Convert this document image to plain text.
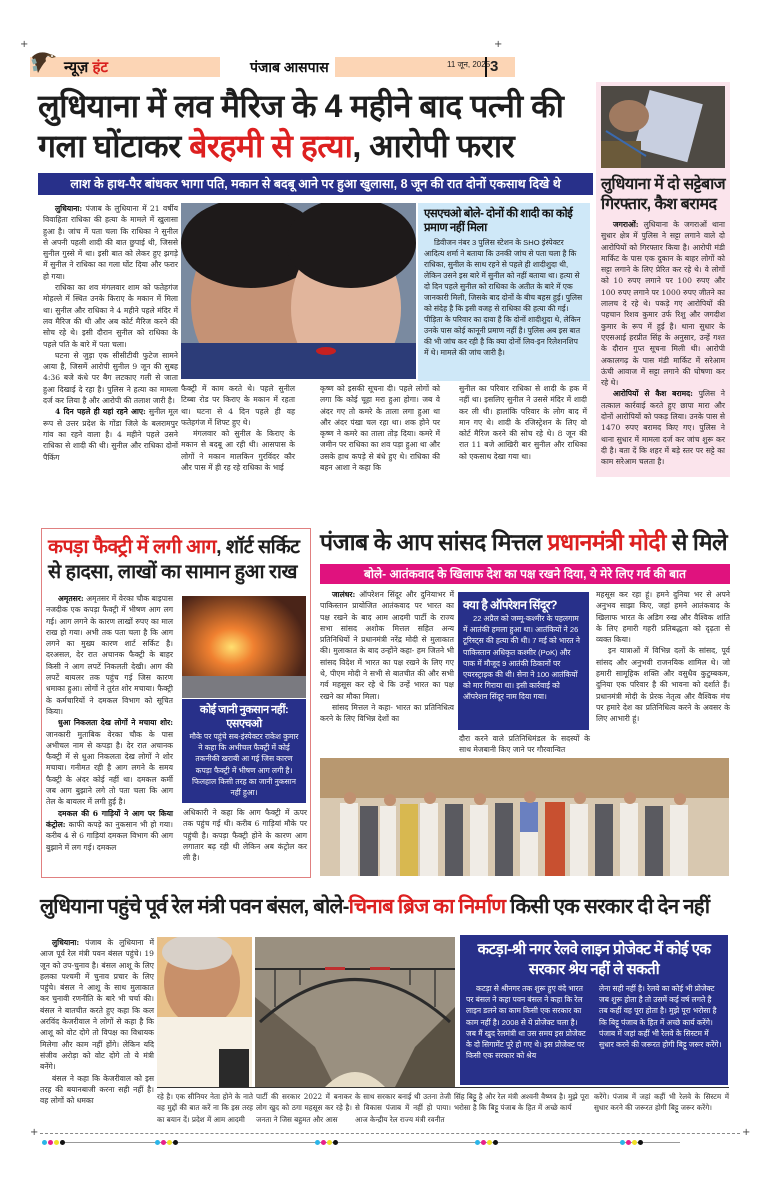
+	+
न्यूज़ हंट	पंजाब आसपास	11 जून, 2025 3
लुधियाना में लव मैरिज के 4 महीने बाद पत्नी की
गला घोंटाकर बेरहमी से हत्या, आरोपी फरार
लाश के हाथ-पैर बांधकर भागा पति, मकान से बदबू आने पर हुआ खुलासा, 8 जून की रात दोनों एकसाथ दिखे थे

लुधियाना: पंजाब के लुधियाना में 21 वर्षीय विवाहिता राधिका की हत्या के मामले में खुलासा हुआ है। जांच में पता चला कि राधिका ने सुनील से अपनी पहली शादी की बात छुपाई थी, जिससे सुनील गुस्से में था। इसी बात को लेकर हुए झगड़े में सुनील ने राधिका का गला घोंट दिया और फरार हो गया।

राधिका का शव मंगलवार शाम को फतेहगंज मोहल्ले में स्थित उनके किराए के मकान में मिला था। सुनील और राधिका ने 4 महीने पहले मंदिर में लव मैरिज की थी और अब कोर्ट मैरिज करने की सोच रहे थे। इसी दौरान सुनील को राधिका के पहले पति के बारे में पता चला।

घटना से जुड़ा एक सीसीटीवी फुटेज सामने आया है, जिसमें आरोपी सुनील 9 जून की सुबह 4:36 बजे कंधे पर बैग लटकाए गली से जाता हुआ दिखाई दे रहा है। पुलिस ने हत्या का मामला दर्ज कर लिया है और आरोपी की तलाश जारी है।

4 दिन पहले ही यहां रहने आए: सुनील मूल रूप से उत्तर प्रदेश के गोंडा जिले के बलरामपुर गांव का रहने वाला है। 4 महीने पहले उसने राधिका से शादी की थी। सुनील और राधिका दोनों पैकिंग

एसएचओ बोले- दोनों की शादी का कोई प्रमाण नहीं मिला
डिवीजन नंबर 3 पुलिस स्टेशन के SHO इंस्पेक्टर आदित्य शर्मा ने बताया कि उनकी जांच से पता चला है कि राधिका, सुनील के साथ रहने से पहले ही शादीशुदा थी, लेकिन उसने इस बारे में सुनील को नहीं बताया था। हत्या से दो दिन पहले सुनील को राधिका के अतीत के बारे में एक जानकारी मिली, जिसके बाद दोनों के बीच बहस हुई। पुलिस को संदेह है कि इसी वजह से राधिका की हत्या की गई।पीड़िता के परिवार का दावा है कि दोनों शादीशुदा थे, लेकिन उनके पास कोई कानूनी प्रमाण नहीं है। पुलिस अब इस बात की भी जांच कर रही है कि क्या दोनों लिव-इन रिलेशनशिप में थे। मामले की जांच जारी है।

फैक्ट्री में काम करते थे। पहले सुनील टिब्बा रोड पर किराए के मकान में रहता था। घटना से 4 दिन पहले ही वह फतेहगंज में शिफ्ट हुए थे।

मंगलवार को सुनील के किराए के मकान से बदबू आ रही थी। आसपास के लोगों ने मकान मालकिन गुरविंदर कौर और पास में ही रह रहे राधिका के भाई

कृष्ण को इसकी सूचना दी। पहले लोगों को लगा कि कोई चूहा मरा हुआ होगा। जब वे अंदर गए तो कमरे के ताला लगा हुआ था और अंदर पंखा चल रहा था। शक होने पर कृष्ण ने कमरे का ताला तोड़ दिया। कमरे में जमीन पर राधिका का शव पड़ा हुआ था और उसके हाथ कपड़े से बंधे हुए थे। राधिका की बहन आशा ने कहा कि
सुनील का परिवार राधिका से शादी के हक में नहीं था। इसलिए सुनील ने उससे मंदिर में शादी कर ली थी। हालांकि परिवार के लोग बाद में मान गए थे। शादी के रजिस्ट्रेशन के लिए वो कोर्ट मैरिज करने की सोच रहे थे। 8 जून की रात 11 बजे आखिरी बार सुनील और राधिका को एकसाथ देखा गया था।
लुधियाना में दो सट्टेबाज गिरफ्तार, कैश बरामद

जगराओं: लुधियाना के जगराओं थाना सुधार क्षेत्र में पुलिस ने सट्टा लगाने वाले दो आरोपियों को गिरफ्तार किया है। आरोपी मंडी मार्किट के पास एक दुकान के बाहर लोगों को सट्टा लगाने के लिए प्रेरित कर रहे थे। वे लोगों को 10 रुपए लगाने पर 100 रुपए और 100 रुपए लगाने पर 1000 रुपए जीतने का लालच दे रहे थे। पकड़े गए आरोपियों की पहचान रिशव कुमार उर्फ रिशु और जगदीश कुमार के रूप में हुई है। थाना सुधार के एएसआई हरप्रीत सिंह के अनुसार, उन्हें गश्त के दौरान गुप्त सूचना मिली थी। आरोपी अकालगढ़ के पास मंडी मार्किट में सरेआम ऊंची आवाज में सट्टा लगाने की घोषणा कर रहे थे।

आरोपियों से कैश बरामद: पुलिस ने तत्काल कार्रवाई करते हुए छापा मारा और दोनों आरोपियों को पकड़ लिया। उनके पास से 1470 रुपए बरामद किए गए। पुलिस ने थाना सुधार में मामला दर्ज कर जांच शुरू कर दी है। बता दें कि शहर में बड़े स्तर पर सट्टे का काम सरेआम चलता है।

कपड़ा फैक्ट्री में लगी आग, शॉर्ट सर्किट से हादसा, लाखों का सामान हुआ राख

अमृतसर: अमृतसर में वेरका चौक बाइपास नजदीक एक कपड़ा फैक्ट्री में भीषण आग लग गई। आग लगने के कारण लाखों रुपए का माल राख हो गया। अभी तक पता चला है कि आग लगने का मुख्य कारण शार्ट सर्किट है। दरअसल, देर रात अचानक फैक्ट्री के बाहर किसी ने आग लपटें निकलती देखी। आग की लपटें बायलर तक पहुंच गई जिस कारण धमाका हुआ। लोगों ने तुरंत शोर मचाया। फैक्ट्री के कर्मचारियों ने दमकल विभाग को सूचित किया।

धुआ निकलता देख लोगों ने मचाया शोर: जानकारी मुताबिक वेरका चौक के पास अभीचल नाम से कपड़ा है। देर रात अचानक फैक्ट्री में से धुआ निकलता देख लोगों ने शोर मचाया। गनीमत रही है आग लगने के समय फैक्ट्री के अंदर कोई नहीं था। दमकल कर्मी जब आग बुझाने लगे तो पता चला कि आग तेल के बायलर में लगी हुई है।

दमकल की 6 गाड़ियों ने आग पर किया कंट्रोल: काफी कपड़े का नुकसान भी हो गया। करीब 4 से 6 गाड़ियां दमकल विभाग की आग बुझाने में लग गई। दमकल

कोई जानी नुकसान नहीं: एसएचओ
मौके पर पहुंचे सब-इंस्पेक्टर राकेश कुमार ने कहा कि अभीचल फैक्ट्री में कोई तकनीकी खराबी आ गई जिस कारण कपड़ा फैक्ट्री में भीषण आग लगी है। फिलहाल किसी तरह का जानी नुकसान नहीं हुआ।
अधिकारी ने कहा कि आग फैक्ट्री में ऊपर तक पहुंच गई थी। करीब 6 गाड़ियां मौके पर पहुंची है। कपड़ा फैक्ट्री होने के कारण आग लगातार बढ़ रही थी लेकिन अब कंट्रोल कर ली है।
पंजाब के आप सांसद मित्तल प्रधानमंत्री मोदी से मिले
बोले- आतंकवाद के खिलाफ देश का पक्ष रखने दिया, ये मेरे लिए गर्व की बात

जालंधर: ऑपरेशन सिंदूर और दुनियाभर में पाकिस्तान प्रायोजित आतंकवाद पर भारत का पक्ष रखने के बाद आम आदमी पार्टी के राज्य सभा सांसद अशोक मित्तल सहित अन्य प्रतिनिधियों ने प्रधानमंत्री नरेंद्र मोदी से मुलाकात की। मुलाकात के बाद उन्होंने कहा- हम जितने भी सांसद विदेश में भारत का पक्ष रखने के लिए गए थे, पीएम मोदी ने सभी से बातचीत की और सभी गर्व महसूस कर रहे थे कि उन्हें भारत का पक्ष रखने का मौका मिला।

सांसद मित्तल ने कहा- भारत का प्रतिनिधित्व करने के लिए विभिन्न देशों का

क्या है ऑपरेशन सिंदूर?
22 अप्रैल को जम्मू-कश्मीर के पहलगाम में आतंकी हमला हुआ था। आतंकियों ने 26 टूरिस्ट्स की हत्या की थी। 7 मई को भारत ने पाकिस्तान अधिकृत कश्मीर (PoK) और पाक में मौजूद 9 आतंकी ठिकानों पर एयरस्ट्राइक की थी। सेना ने 100 आतंकियों को मार गिराया था। इसी कार्रवाई को ऑपरेशन सिंदूर नाम दिया गया।
दौरा करने वाले प्रतिनिधिमंडल के सदस्यों के साथ मेजबानी किए जाने पर गौरवान्वित

महसूस कर रहा हूं। हमने दुनिया भर से अपने अनुभव साझा किए, जहां हमने आतंकवाद के खिलाफ भारत के अडिग रुख और वैश्विक शांति के लिए हमारी गहरी प्रतिबद्धता को दृढ़ता से व्यक्त किया।

इन यात्राओं में विभिन्न दलों के सांसद, पूर्व सांसद और अनुभवी राजनयिक शामिल थे। जो हमारी सामूहिक शक्ति और वसुधैव कुटुम्बकम, दुनिया एक परिवार है की भावना को दर्शाते हैं। प्रधानमंत्री मोदी के प्रेरक नेतृत्व और वैश्विक मंच पर हमारे देश का प्रतिनिधित्व करने के अवसर के लिए आभारी हूं।

लुधियाना पहुंचे पूर्व रेल मंत्री पवन बंसल, बोले-चिनाब ब्रिज का निर्माण किसी एक सरकार दी देन नहीं

लुधियाना: पंजाब के लुधियाना में आज पूर्व रेल मंत्री पवन बंसल पहुंचे। 19 जून को उप-चुनाव है। बंसल आशू के लिए हलका पश्चमी में चुनाव प्रचार के लिए पहुंचे। बंसल ने आशू के साथ मुलाकात कर चुनावी रणनीति के बारे भी चर्चा की। बंसल ने बातचीत करते हुए कहा कि कल अरविंद केजरीवाल ने लोगों से कहा है कि आशू को वोट दोगे तो विपक्ष का विधायक मिलेगा और काम नहीं होंगे। लेकिन यदि संजीव अरोड़ा को वोट दोगे तो ये मंत्री बनेंगे।

बंसल ने कहा कि केजरीवाल को इस तरह की बयानबाजी करना सही नहीं है। वह लोगों को धमका

कटड़ा-श्री नगर रेलवे लाइन प्रोजेक्ट में कोई एक सरकार श्रेय नहीं ले सकती
कटड़ा से श्रीनगर तक शुरू हुए वंदे भारत पर बंसल ने कहा पवन बंसल ने कहा कि रेल लाइन डलने का काम किसी एक सरकार का काम नहीं है। 2008 से ये प्रोजेक्ट चला है। जब मैं खुद रेलमंत्री था उस समय इस प्रोजेक्ट के दो सिगामेंट पूरे हो गए थे। इस प्रोजेक्ट पर किसी एक सरकार को श्रेय
लेना सही नहीं है। रेलवे का कोई भी प्रोजेक्ट जब शुरू होता है तो उसमें कई वर्ष लगते है तब कहीं वह पूरा होता है। मुझे पूरा भरोसा है कि बिट्टू पंजाब के हित में अच्छे कार्य करेंगे। पंजाब में जहां कहीं भी रेलवे के सिस्टम में सुधार करने की जरूरत होगी बिट्टू जरूर करेंगे।
रहे है। एक सीनियर नेता होने के नाते वह मुद्दों की बात करें ना कि इस तरह का बयान दें। प्रदेश में आम आदमी
पार्टी की सरकार 2022 में बनाकर लोग खुद को ठगा महसूस कर रहे है। जनता ने जिस बहुमत और आस
के साथ सरकार बनाई थी उतना तेजी से विकास पंजाब में नहीं हो पाया। आज केन्द्रीय रेल राज्य मंत्री रवनीत
सिंह बिट्टू है और रेल मंत्री अश्वनी वैष्णव है। मुझे पूरा भरोसा है कि बिट्टू पंजाब के हित में अच्छे कार्य
करेंगे। पंजाब में जहां कहीं भी रेलवे के सिस्टम में सुधार करने की जरूरत होगी बिट्टू जरूर करेंगे।
+	+
